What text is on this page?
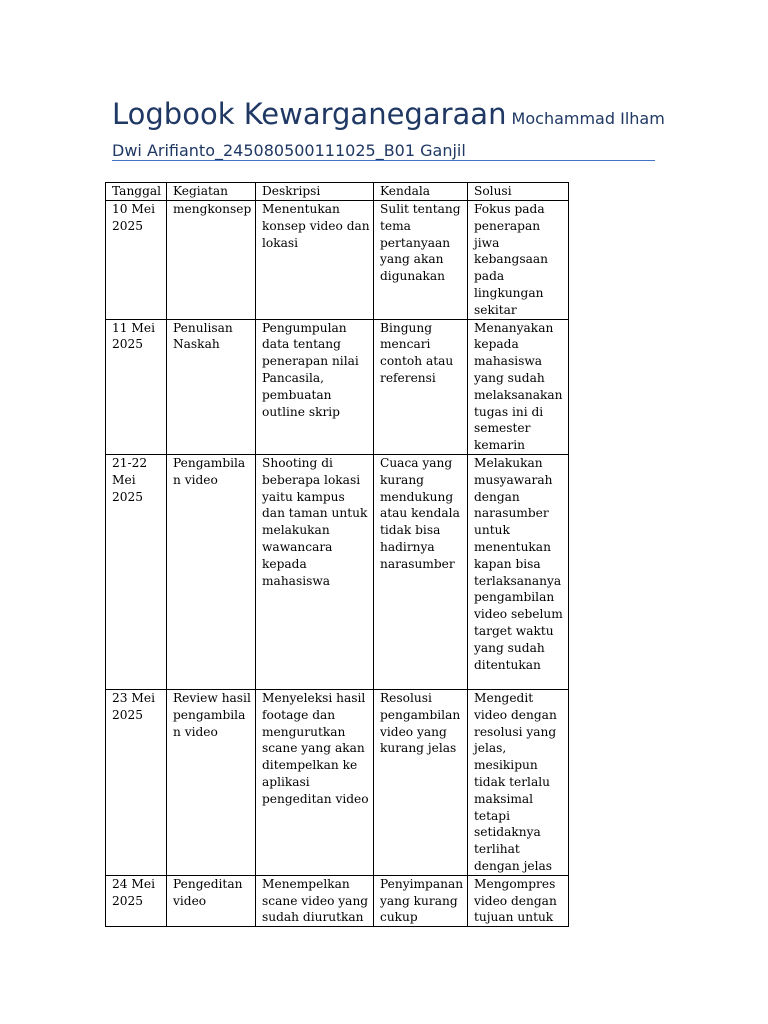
Logbook Kewarganegaraan Mochammad Ilham
Dwi Arifianto_245080500111025_B01 Ganjil
Tanggal	Kegiatan	Deskripsi	Kendala	Solusi
10 Mei 2025	mengkonsep	Menentukan konsep video dan lokasi	Sulit tentang tema pertanyaan yang akan digunakan	Fokus pada penerapan jiwa kebangsaan pada lingkungan sekitar
11 Mei 2025	Penulisan Naskah	Pengumpulan data tentang penerapan nilai Pancasila, pembuatan outline skrip	Bingung mencari contoh atau referensi	Menanyakan kepada mahasiswa yang sudah melaksanakan tugas ini di semester kemarin
21-22 Mei 2025	Pengambilan video	Shooting di beberapa lokasi yaitu kampus dan taman untuk melakukan wawancara kepada mahasiswa	Cuaca yang kurang mendukung atau kendala tidak bisa hadirnya narasumber	Melakukan musyawarah dengan narasumber untuk menentukan kapan bisa terlaksananya pengambilan video sebelum target waktu yang sudah ditentukan
23 Mei 2025	Review hasil pengambilan video	Menyeleksi hasil footage dan mengurutkan scane yang akan ditempelkan ke aplikasi pengeditan video	Resolusi pengambilan video yang kurang jelas	Mengedit video dengan resolusi yang jelas, mesikipun tidak terlalu maksimal tetapi setidaknya terlihat dengan jelas

24 Mei 2025	Pengeditan video	Menempelkan scane video yang sudah diurutkan	Penyimpanan yang kurang cukup	Mengompres video dengan tujuan untuk
